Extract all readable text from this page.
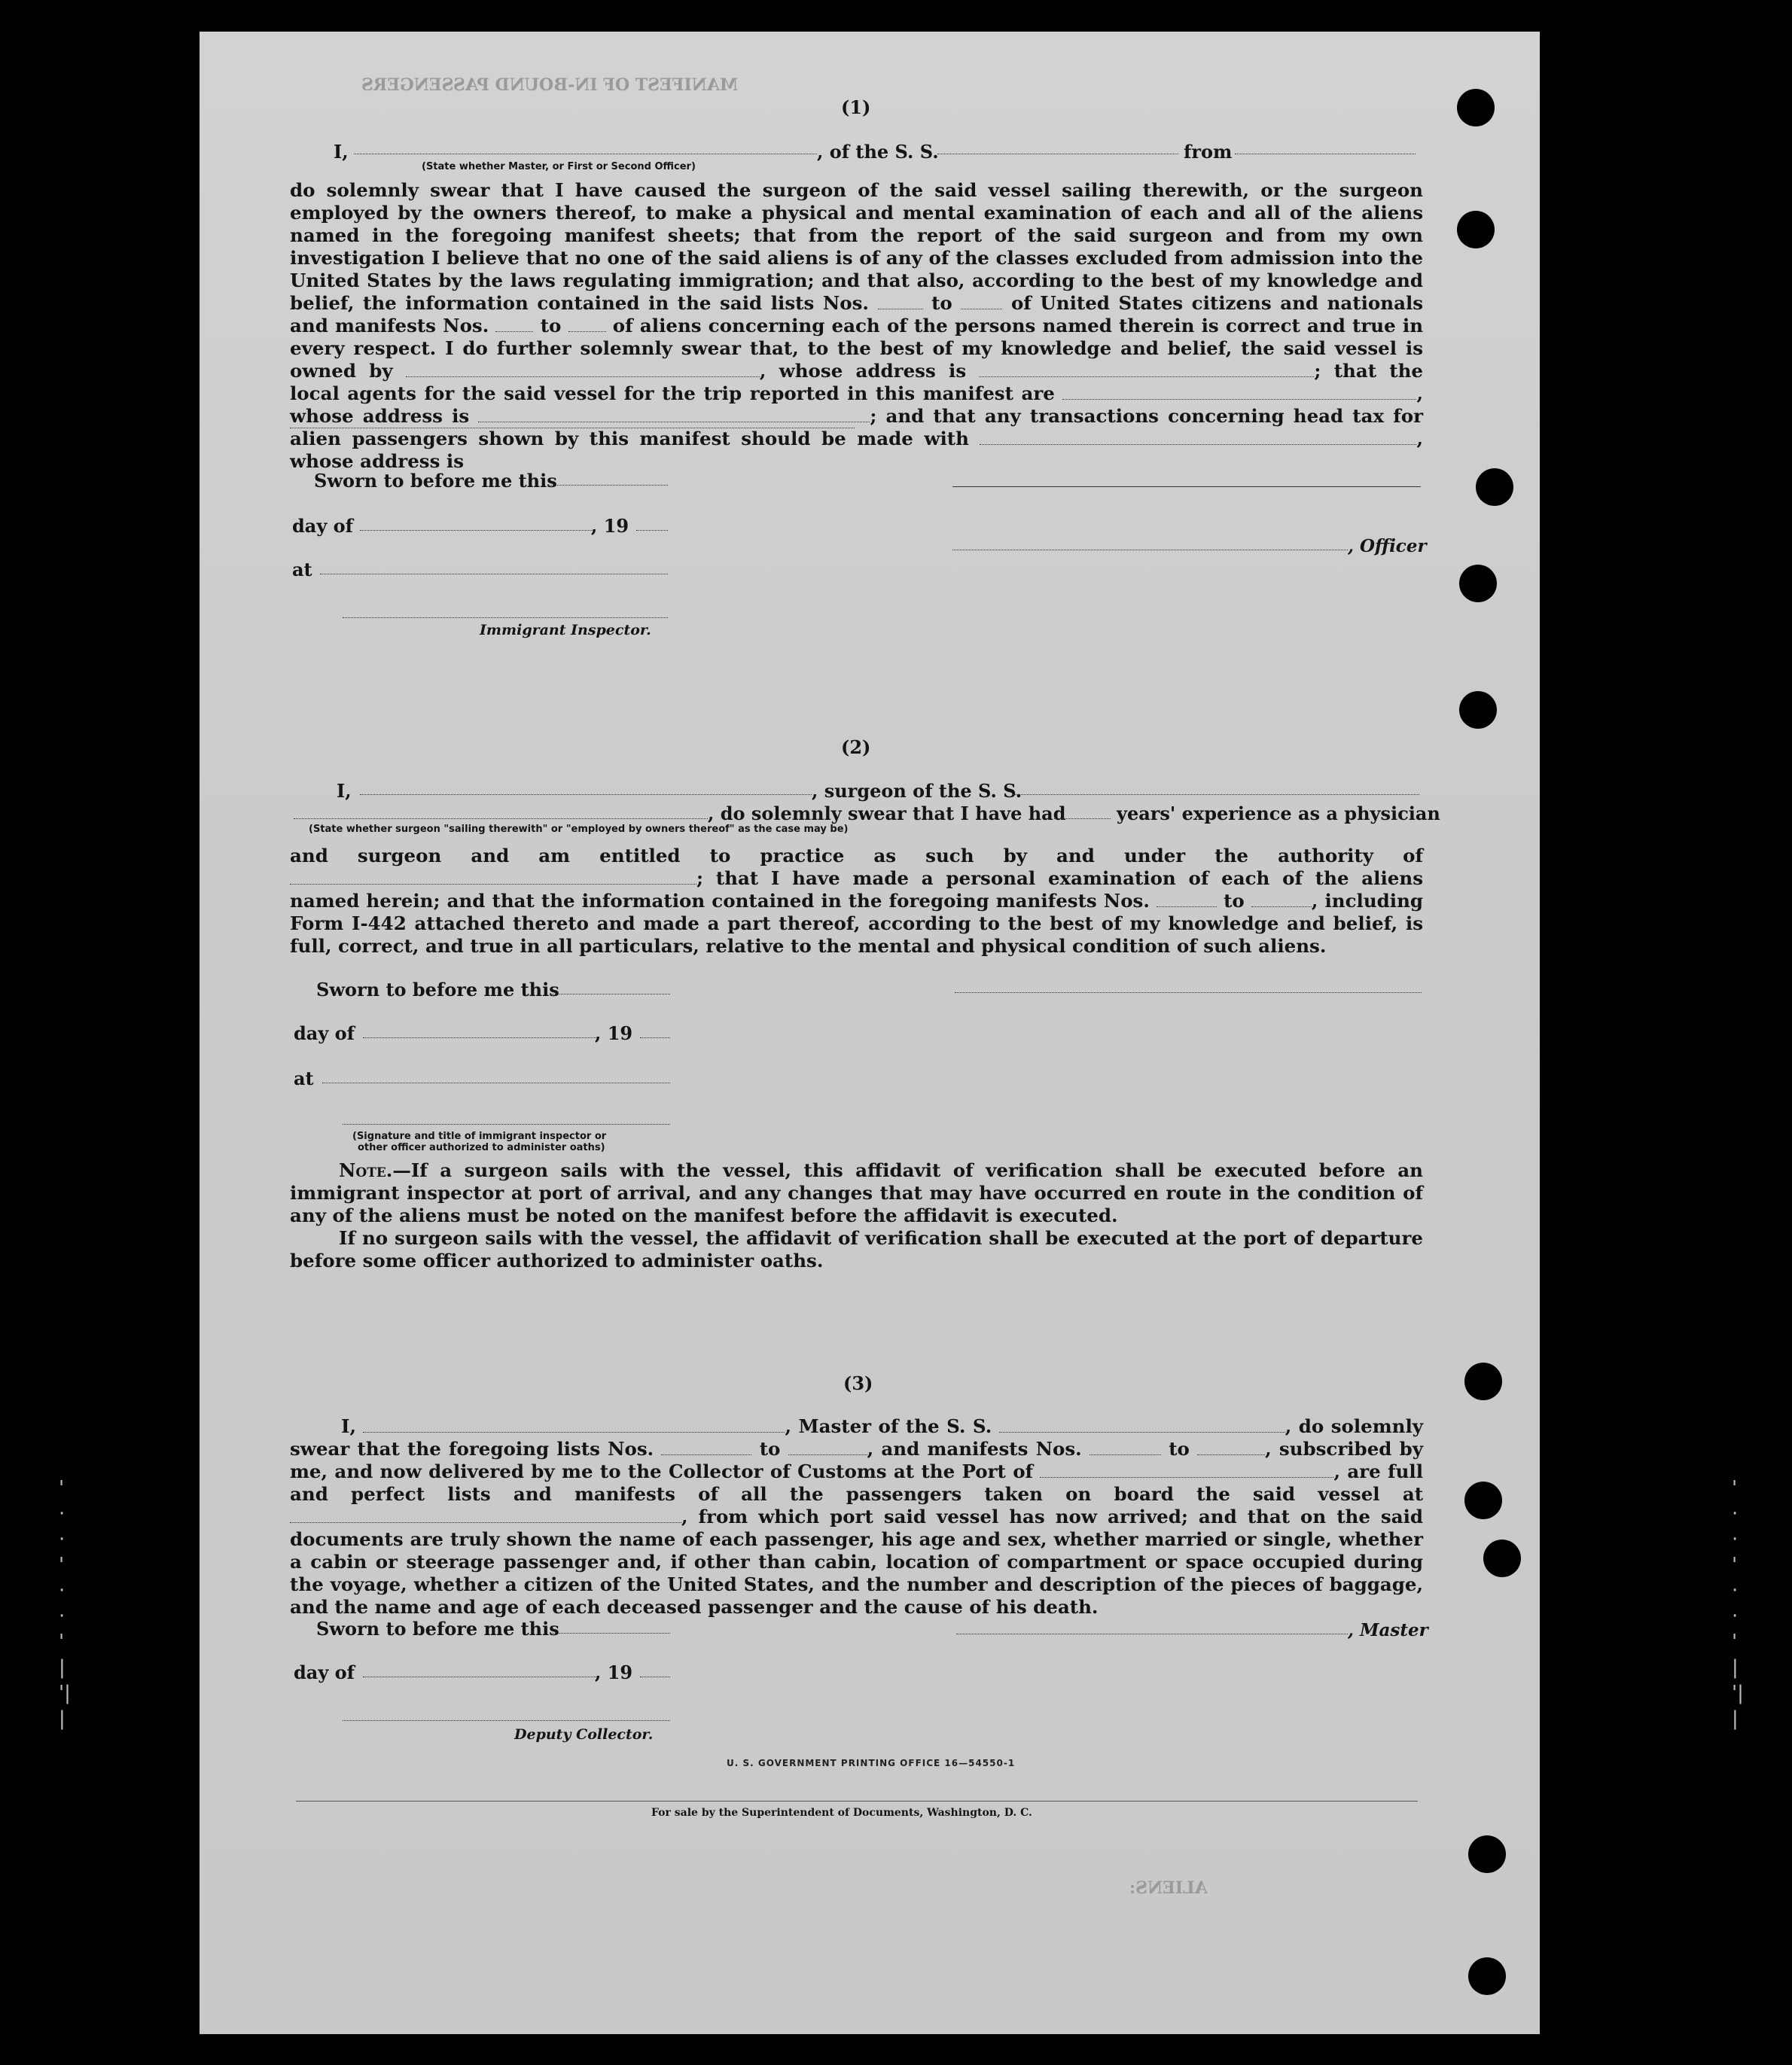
' ·
·
'
· ·
'
|
'|
|
' ·
·
'
· ·
'
|
'|
|
MANIFEST OF IN-BOUND PASSENGERS
ALIENS:
(1)
I,	, of the S. S.	from
(State whether Master, or First or Second Officer)

do solemnly swear that I have caused the surgeon of the said vessel sailing therewith, or the surgeon employed by the owners thereof, to make a physical and mental examination of each and all of the aliens named in the foregoing manifest sheets; that from the report of the said surgeon and from my own investigation I believe that no one of the said aliens is of any of the classes excluded from admission into the United States by the laws regulating immigration; and that also, according to the best of my knowledge and belief, the information contained in the said lists Nos.	to	of United States citizens and nationals and manifests Nos.	to	of aliens concerning each of the persons named therein is correct and true in every respect. I do further solemnly swear that, to the best of my knowledge and belief, the said vessel is owned by	, whose address is	; that the local agents for the said vessel for the trip reported in this manifest are	, whose address is	; and that any transactions concerning head tax for alien passengers shown by this manifest should be made with	, whose address is

Sworn to before me this
day of	, 19
at
Immigrant Inspector.
, Officer
(2)
I,	, surgeon of the S. S.
, do solemnly swear that I have had	years' experience as a physician
(State whether surgeon "sailing therewith" or "employed by owners thereof" as the case may be)

and surgeon and am entitled to practice as such by and under the authority of ; that I have made a personal examination of each of the aliens named herein; and that the information contained in the foregoing manifests Nos.	to	, including Form I-442 attached thereto and made a part thereof, according to the best of my knowledge and belief, is full, correct, and true in all particulars, relative to the mental and physical condition of such aliens.

Sworn to before me this
day of	, 19
at
(Signature and title of immigrant inspector or
other officer authorized to administer oaths)

Note.—If a surgeon sails with the vessel, this affidavit of verification shall be executed before an immigrant inspector at port of arrival, and any changes that may have occurred en route in the condition of any of the aliens must be noted on the manifest before the affidavit is executed.

If no surgeon sails with the vessel, the affidavit of verification shall be executed at the port of departure before some officer authorized to administer oaths.

(3)

I,	, Master of the S. S.	, do solemnly swear that the foregoing lists Nos.	to	, and manifests Nos.	to	, subscribed by me, and now delivered by me to the Collector of Customs at the Port of	, are full and perfect lists and manifests of all the passengers taken on board the said vessel at , from which port said vessel has now arrived; and that on the said documents are truly shown the name of each passenger, his age and sex, whether married or single, whether a cabin or steerage passenger and, if other than cabin, location of compartment or space occupied during the voyage, whether a citizen of the United States, and the number and description of the pieces of baggage, and the name and age of each deceased passenger and the cause of his death.

Sworn to before me this
day of	, 19
Deputy Collector.
, Master
U. S. GOVERNMENT PRINTING OFFICE 16—54550-1
For sale by the Superintendent of Documents, Washington, D. C.
